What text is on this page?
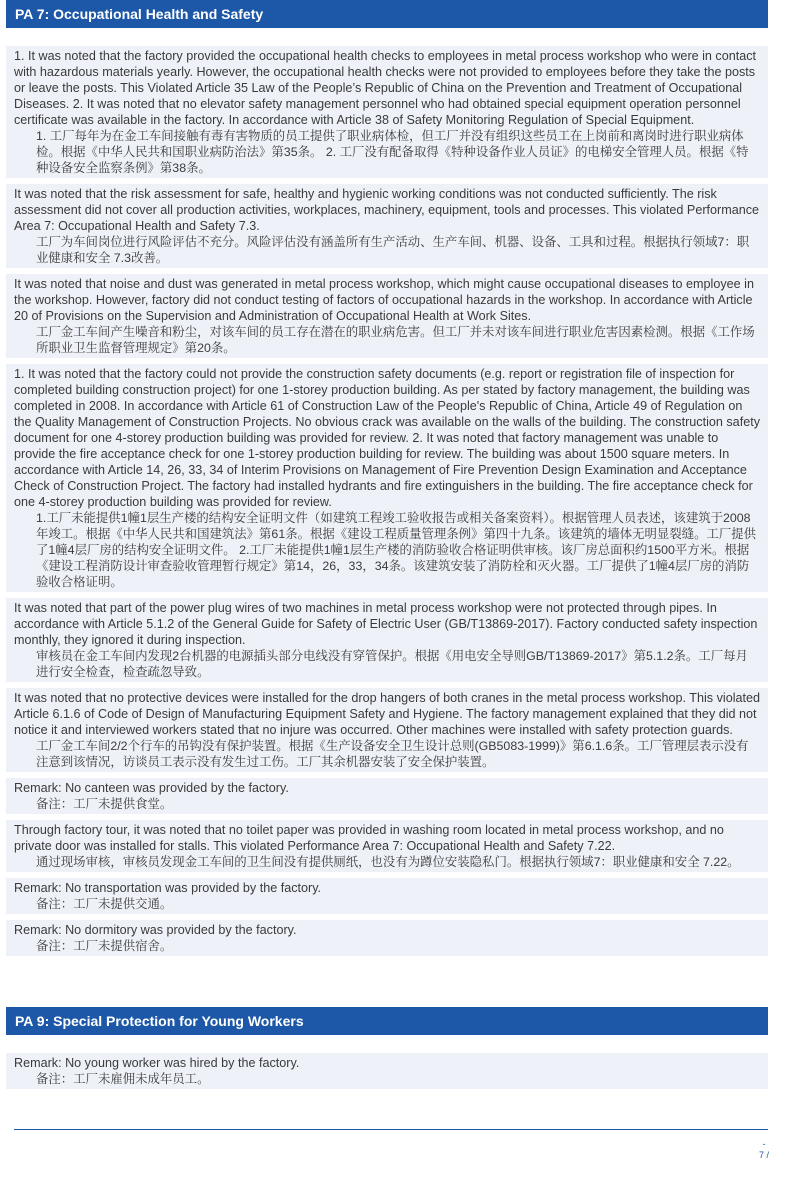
PA 7: Occupational Health and Safety
1. It was noted that the factory provided the occupational health checks to employees in metal process workshop who were in contact with hazardous materials yearly. However, the occupational health checks were not provided to employees before they take the posts or leave the posts. This Violated Article 35 Law of the People’s Republic of China on the Prevention and Treatment of Occupational Diseases. 2. It was noted that no elevator safety management personnel who had obtained special equipment operation personnel certificate was available in the factory. In accordance with Article 38 of Safety Monitoring Regulation of Special Equipment.
1. 工厂每年为在金工车间接触有毒有害物质的员工提供了职业病体检，但工厂并没有组织这些员工在上岗前和离岗时进行职业病体检。根据《中华人民共和国职业病防治法》第35条。 2. 工厂没有配备取得《特种设备作业人员证》的电梯安全管理人员。根据《特种设备安全监察条例》第38条。
It was noted that the risk assessment for safe, healthy and hygienic working conditions was not conducted sufficiently. The risk assessment did not cover all production activities, workplaces, machinery, equipment, tools and processes. This violated Performance Area 7: Occupational Health and Safety 7.3.
工厂为车间岗位进行风险评估不充分。风险评估没有涵盖所有生产活动、生产车间、机器、设备、工具和过程。根据执行领域7：职业健康和安全 7.3改善。
It was noted that noise and dust was generated in metal process workshop, which might cause occupational diseases to employee in the workshop. However, factory did not conduct testing of factors of occupational hazards in the workshop. In accordance with Article 20 of Provisions on the Supervision and Administration of Occupational Health at Work Sites.
工厂金工车间产生噪音和粉尘，对该车间的员工存在潜在的职业病危害。但工厂并未对该车间进行职业危害因素检测。根据《工作场所职业卫生监督管理规定》第20条。
1. It was noted that the factory could not provide the construction safety documents (e.g. report or registration file of inspection for completed building construction project) for one 1-storey production building. As per stated by factory management, the building was completed in 2008. In accordance with Article 61 of Construction Law of the People's Republic of China, Article 49 of Regulation on the Quality Management of Construction Projects. No obvious crack was available on the walls of the building. The construction safety document for one 4-storey production building was provided for review. 2. It was noted that factory management was unable to provide the fire acceptance check for one 1-storey production building for review. The building was about 1500 square meters. In accordance with Article 14, 26, 33, 34 of Interim Provisions on Management of Fire Prevention Design Examination and Acceptance Check of Construction Project. The factory had installed hydrants and fire extinguishers in the building. The fire acceptance check for one 4-storey production building was provided for review.
1.工厂未能提供1幢1层生产楼的结构安全证明文件（如建筑工程竣工验收报告或相关备案资料）。根据管理人员表述，该建筑于2008年竣工。根据《中华人民共和国建筑法》第61条。根据《建设工程质量管理条例》第四十九条。该建筑的墙体无明显裂缝。工厂提供了1幢4层厂房的结构安全证明文件。 2.工厂未能提供1幢1层生产楼的消防验收合格证明供审核。该厂房总面积约1500平方米。根据《建设工程消防设计审查验收管理暂行规定》第14，26，33，34条。该建筑安装了消防栓和灭火器。工厂提供了1幢4层厂房的消防验收合格证明。
It was noted that part of the power plug wires of two machines in metal process workshop were not protected through pipes. In accordance with Article 5.1.2 of the General Guide for Safety of Electric User (GB/T13869-2017). Factory conducted safety inspection monthly, they ignored it during inspection.
审核员在金工车间内发现2台机器的电源插头部分电线没有穿管保护。根据《用电安全导则GB/T13869-2017》第5.1.2条。工厂每月进行安全检查，检查疏忽导致。
It was noted that no protective devices were installed for the drop hangers of both cranes in the metal process workshop. This violated Article 6.1.6 of Code of Design of Manufacturing Equipment Safety and Hygiene. The factory management explained that they did not notice it and interviewed workers stated that no injure was occurred. Other machines were installed with safety protection guards.
工厂金工车间2/2个行车的吊钩没有保护装置。根据《生产设备安全卫生设计总则(GB5083-1999)》第6.1.6条。工厂管理层表示没有注意到该情况，访谈员工表示没有发生过工伤。工厂其余机器安装了安全保护装置。
Remark: No canteen was provided by the factory.
备注：工厂未提供食堂。
Through factory tour, it was noted that no toilet paper was provided in washing room located in metal process workshop, and no private door was installed for stalls. This violated Performance Area 7: Occupational Health and Safety 7.22.
通过现场审核，审核员发现金工车间的卫生间没有提供厕纸，也没有为蹲位安装隐私门。根据执行领域7：职业健康和安全 7.22。
Remark: No transportation was provided by the factory.
备注：工厂未提供交通。
Remark: No dormitory was provided by the factory.
备注：工厂未提供宿舍。
PA 9: Special Protection for Young Workers
Remark: No young worker was hired by the factory.
备注：工厂未雇佣未成年员工。
- 7 /
